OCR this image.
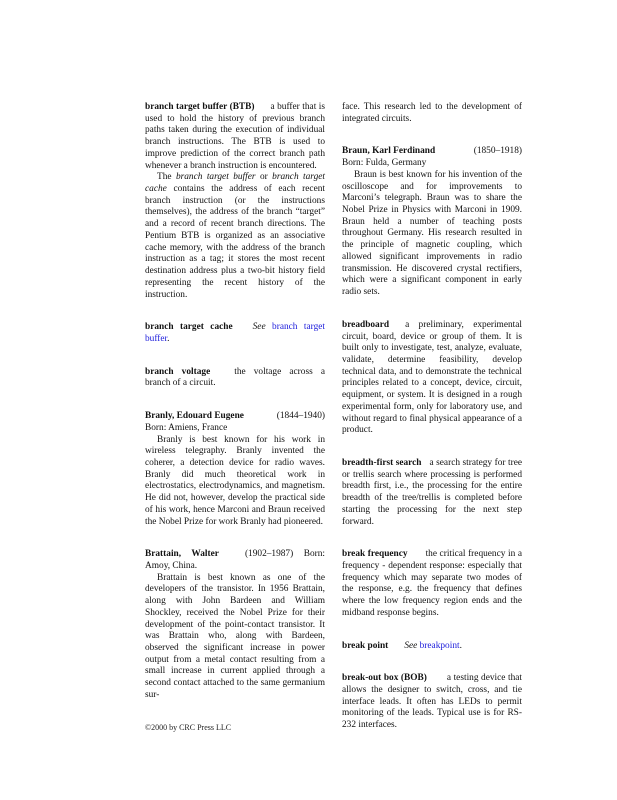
branch target buffer (BTB) a buffer that is used to hold the history of previous branch paths taken during the execution of individual branch instructions. The BTB is used to improve prediction of the correct branch path whenever a branch instruction is encountered.
The branch target buffer or branch target cache contains the address of each recent branch instruction (or the instructions themselves), the address of the branch “target” and a record of recent branch directions. The Pentium BTB is organized as an associative cache memory, with the address of the branch instruction as a tag; it stores the most recent destination address plus a two-bit history field representing the recent history of the instruction.
branch target cache See branch target buffer.
branch voltage	the voltage across a branch of a circuit.
(1844–1940)
Branly, Edouard Eugene
Born: Amiens, France
Branly is best known for his work in wireless telegraphy. Branly invented the coherer, a detection device for radio waves. Branly did much theoretical work in electrostatics, electrodynamics, and magnetism. He did not, however, develop the practical side of his work, hence Marconi and Braun received the Nobel Prize for work Branly had pioneered.
Brattain, Walter	(1902–1987) Born: Amoy, China.
Brattain is best known as one of the developers of the transistor. In 1956 Brattain, along with John Bardeen and William Shockley, received the Nobel Prize for their development of the point-contact transistor. It was Brattain who, along with Bardeen, observed the significant increase in power output from a metal contact resulting from a small increase in current applied through a second contact attached to the same germanium sur-
face. This research led to the development of integrated circuits.
(1850–1918)
Braun, Karl Ferdinand
Born: Fulda, Germany
Braun is best known for his invention of the oscilloscope and for improvements to Marconi’s telegraph. Braun was to share the Nobel Prize in Physics with Marconi in 1909. Braun held a number of teaching posts throughout Germany. His research resulted in the principle of magnetic coupling, which allowed significant improvements in radio transmission. He discovered crystal rectifiers, which were a significant component in early radio sets.
breadboard a preliminary, experimental circuit, board, device or group of them. It is built only to investigate, test, analyze, evaluate, validate, determine feasibility, develop technical data, and to demonstrate the technical principles related to a concept, device, circuit, equipment, or system. It is designed in a rough experimental form, only for laboratory use, and without regard to final physical appearance of a product.
breadth-first search a search strategy for tree or trellis search where processing is performed breadth first, i.e., the processing for the entire breadth of the tree/trellis is completed before starting the processing for the next step forward.
break frequency the critical frequency in a frequency - dependent response: especially that frequency which may separate two modes of the response, e.g. the frequency that defines where the low frequency region ends and the midband response begins.
break point See breakpoint.
break-out box (BOB) a testing device that allows the designer to switch, cross, and tie interface leads. It often has LEDs to permit monitoring of the leads. Typical use is for RS-232 interfaces.
©2000 by CRC Press LLC
